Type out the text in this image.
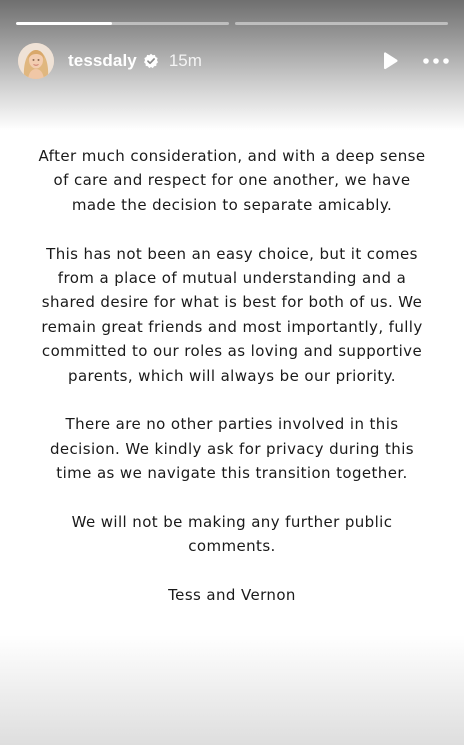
tessdaly 15m

After much consideration, and with a deep sense of care and respect for one another, we have made the decision to separate amicably.

This has not been an easy choice, but it comes from a place of mutual understanding and a shared desire for what is best for both of us. We remain great friends and most importantly, fully committed to our roles as loving and supportive parents, which will always be our priority.

There are no other parties involved in this decision. We kindly ask for privacy during this time as we navigate this transition together.

We will not be making any further public comments.

Tess and Vernon
